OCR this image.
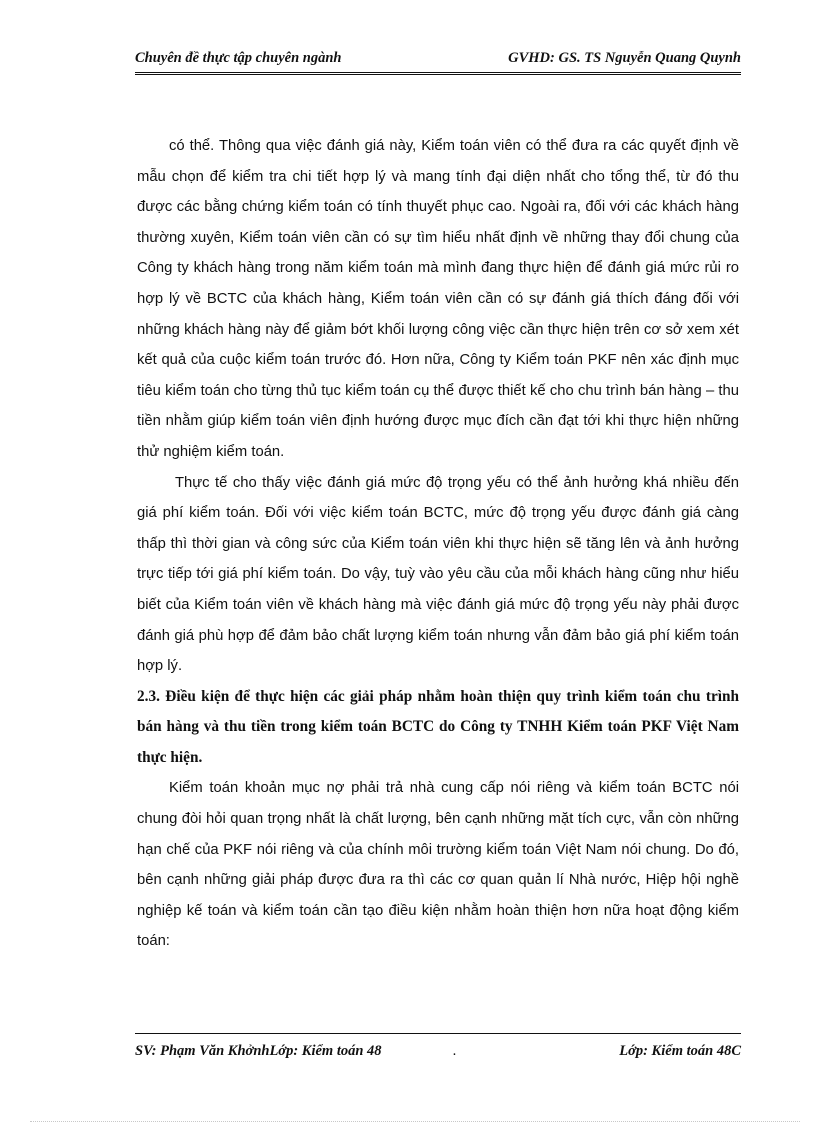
Chuyên đề thực tập chuyên ngành	GVHD: GS. TS Nguyễn Quang Quynh

có thể. Thông qua việc đánh giá này, Kiểm toán viên có thể đưa ra các quyết định về mẫu chọn để kiểm tra chi tiết hợp lý và mang tính đại diện nhất cho tổng thể, từ đó thu được các bằng chứng kiểm toán có tính thuyết phục cao. Ngoài ra, đối với các khách hàng thường xuyên, Kiểm toán viên cần có sự tìm hiểu nhất định về những thay đổi chung của Công ty khách hàng trong năm kiểm toán mà mình đang thực hiện để đánh giá mức rủi ro hợp lý về BCTC của khách hàng, Kiểm toán viên cần có sự đánh giá thích đáng đối với những khách hàng này để giảm bớt khối lượng công việc cần thực hiện trên cơ sở xem xét kết quả của cuộc kiểm toán trước đó. Hơn nữa, Công ty Kiểm toán PKF nên xác định mục tiêu kiểm toán cho từng thủ tục kiểm toán cụ thể được thiết kế cho chu trình bán hàng – thu tiền nhằm giúp kiểm toán viên định hướng được mục đích cần đạt tới khi thực hiện những thử nghiệm kiểm toán.

Thực tế cho thấy việc đánh giá mức độ trọng yếu có thể ảnh hưởng khá nhiều đến giá phí kiểm toán. Đối với việc kiểm toán BCTC, mức độ trọng yếu được đánh giá càng thấp thì thời gian và công sức của Kiểm toán viên khi thực hiện sẽ tăng lên và ảnh hưởng trực tiếp tới giá phí kiểm toán. Do vậy, tuỳ vào yêu cầu của mỗi khách hàng cũng như hiểu biết của Kiểm toán viên về khách hàng mà việc đánh giá mức độ trọng yếu này phải được đánh giá phù hợp để đảm bảo chất lượng kiểm toán nhưng vẫn đảm bảo giá phí kiểm toán hợp lý.

2.3. Điều kiện để thực hiện các giải pháp nhằm hoàn thiện quy trình kiểm toán chu trình bán hàng và thu tiền trong kiểm toán BCTC do Công ty TNHH Kiểm toán PKF Việt Nam thực hiện.

Kiểm toán khoản mục nợ phải trả nhà cung cấp nói riêng và kiểm toán BCTC nói chung đòi hỏi quan trọng nhất là chất lượng, bên cạnh những mặt tích cực, vẫn còn những hạn chế của PKF nói riêng và của chính môi trường kiểm toán Việt Nam nói chung. Do đó, bên cạnh những giải pháp được đưa ra thì các cơ quan quản lí Nhà nước, Hiệp hội nghề nghiệp kế toán và kiểm toán cần tạo điều kiện nhằm hoàn thiện hơn nữa hoạt động kiểm toán:

SV: Phạm Văn KhởnhLớp: Kiểm toán 48	.	Lớp: Kiểm toán 48C
